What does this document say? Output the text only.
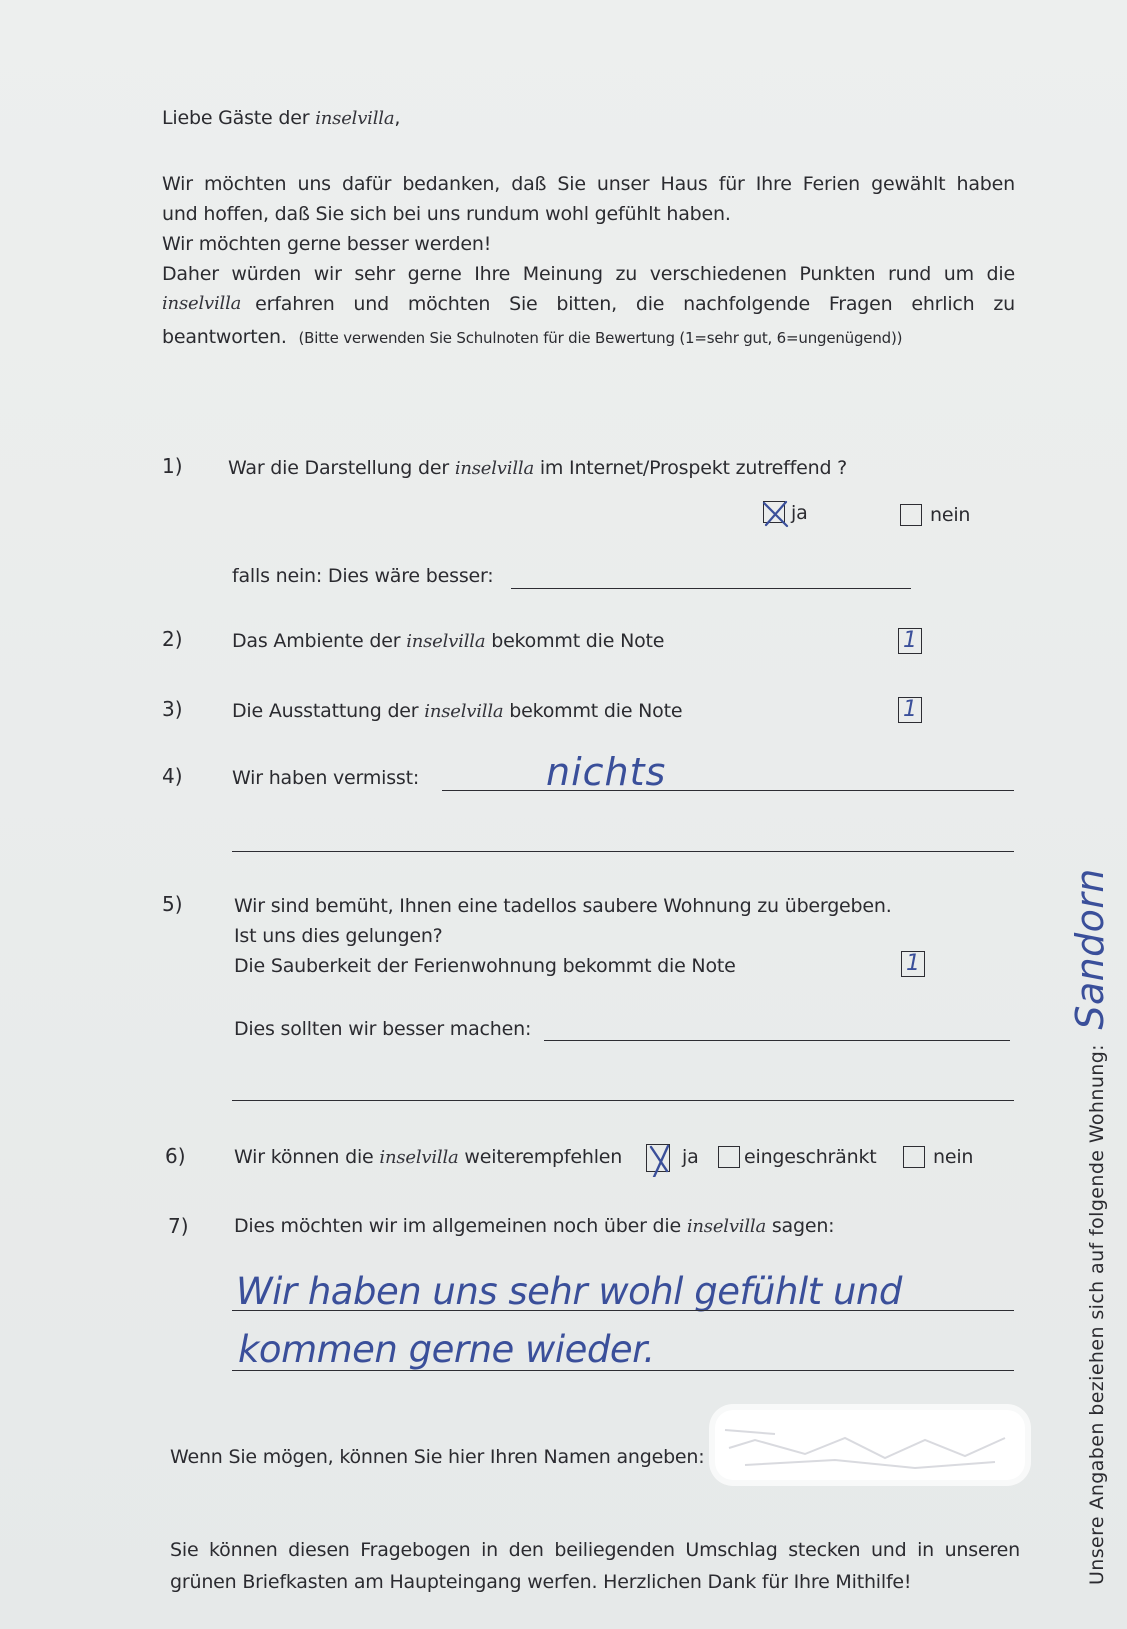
Liebe Gäste der inselvilla,
Wir möchten uns dafür bedanken, daß Sie unser Haus für Ihre Ferien gewählt haben
und hoffen, daß Sie sich bei uns rundum wohl gefühlt haben.
Wir möchten gerne besser werden!
Daher würden wir sehr gerne Ihre Meinung zu verschiedenen Punkten rund um die
inselvilla erfahren und möchten Sie bitten, die nachfolgende Fragen ehrlich zu
beantworten. (Bitte verwenden Sie Schulnoten für die Bewertung (1=sehr gut, 6=ungenügend))
1) War die Darstellung der inselvilla im Internet/Prospekt zutreffend ?
ja	nein
falls nein: Dies wäre besser:
2)	Das Ambiente der inselvilla bekommt die Note	1
3)	Die Ausstattung der inselvilla bekommt die Note	1
4)	Wir haben vermisst:	nichts
5)	Wir sind bemüht, Ihnen eine tadellos saubere Wohnung zu übergeben.
Ist uns dies gelungen?
Die Sauberkeit der Ferienwohnung bekommt die Note	1
Dies sollten wir besser machen:
6)	Wir können die inselvilla weiterempfehlen	ja eingeschränkt	nein
7) Dies möchten wir im allgemeinen noch über die inselvilla sagen:
Wir haben uns sehr wohl gefühlt und
kommen gerne wieder.
Wenn Sie mögen, können Sie hier Ihren Namen angeben:
Sie können diesen Fragebogen in den beiliegenden Umschlag stecken und in unseren
grünen Briefkasten am Haupteingang werfen. Herzlichen Dank für Ihre Mithilfe!	Unsere Angaben beziehen sich auf folgende Wohnung: Sandorn
